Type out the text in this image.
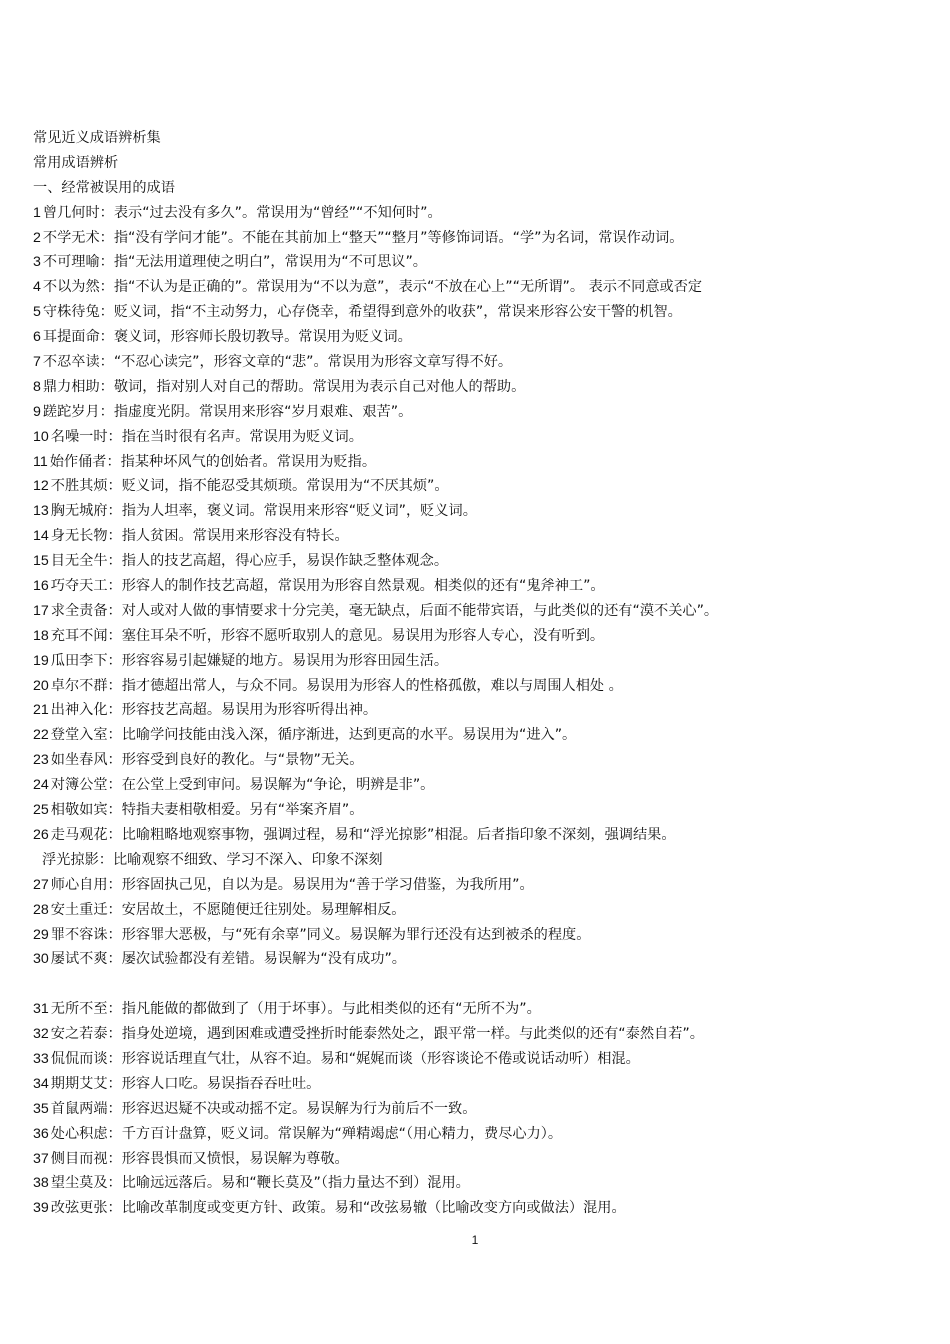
常见近义成语辨析集
常用成语辨析
一、经常被误用的成语
1 曾几何时：表示“过去没有多久”。常误用为“曾经”“不知何时”。
2 不学无术：指“没有学问才能”。不能在其前加上“整天”“整月”等修饰词语。“学”为名词，常误作动词。
3 不可理喻：指“无法用道理使之明白”，常误用为“不可思议”。
4 不以为然：指“不认为是正确的”。常误用为“不以为意”，表示“不放在心上”“无所谓”。 表示不同意或否定
5 守株待兔：贬义词，指“不主动努力，心存侥幸，希望得到意外的收获”，常误来形容公安干警的机智。
6 耳提面命：褒义词，形容师长殷切教导。常误用为贬义词。
7 不忍卒读：“不忍心读完”，形容文章的“悲”。常误用为形容文章写得不好。
8 鼎力相助：敬词，指对别人对自己的帮助。常误用为表示自己对他人的帮助。
9 蹉跎岁月：指虚度光阴。常误用来形容“岁月艰难、艰苦”。
10 名噪一时：指在当时很有名声。常误用为贬义词。
11 始作俑者：指某种坏风气的创始者。常误用为贬指。
12 不胜其烦：贬义词，指不能忍受其烦琐。常误用为“不厌其烦”。
13 胸无城府：指为人坦率，褒义词。常误用来形容“贬义词”，贬义词。
14 身无长物：指人贫困。常误用来形容没有特长。
15 目无全牛：指人的技艺高超，得心应手，易误作缺乏整体观念。
16 巧夺天工：形容人的制作技艺高超，常误用为形容自然景观。相类似的还有“鬼斧神工”。
17 求全责备：对人或对人做的事情要求十分完美，毫无缺点，后面不能带宾语，与此类似的还有“漠不关心”。
18 充耳不闻：塞住耳朵不听，形容不愿听取别人的意见。易误用为形容人专心，没有听到。
19 瓜田李下：形容容易引起嫌疑的地方。易误用为形容田园生活。
20 卓尔不群：指才德超出常人，与众不同。易误用为形容人的性格孤傲，难以与周围人相处 。
21 出神入化：形容技艺高超。易误用为形容听得出神。
22 登堂入室：比喻学问技能由浅入深，循序渐进，达到更高的水平。易误用为“进入”。
23 如坐春风：形容受到良好的教化。与“景物”无关。
24 对簿公堂：在公堂上受到审问。易误解为“争论，明辨是非”。
25 相敬如宾：特指夫妻相敬相爱。另有“举案齐眉”。
26 走马观花：比喻粗略地观察事物，强调过程，易和“浮光掠影”相混。后者指印象不深刻，强调结果。
浮光掠影：比喻观察不细致、学习不深入、印象不深刻
27 师心自用：形容固执己见，自以为是。易误用为“善于学习借鉴，为我所用”。
28 安土重迁：安居故土，不愿随便迁往别处。易理解相反。
29 罪不容诛：形容罪大恶极，与“死有余辜”同义。易误解为罪行还没有达到被杀的程度。
30 屡试不爽：屡次试验都没有差错。易误解为“没有成功”。
31 无所不至：指凡能做的都做到了（用于坏事）。与此相类似的还有“无所不为”。
32 安之若泰：指身处逆境，遇到困难或遭受挫折时能泰然处之，跟平常一样。与此类似的还有“泰然自若”。
33 侃侃而谈：形容说话理直气壮，从容不迫。易和“娓娓而谈（形容谈论不倦或说话动听）相混。
34 期期艾艾：形容人口吃。易误指吞吞吐吐。
35 首鼠两端：形容迟迟疑不决或动摇不定。易误解为行为前后不一致。
36 处心积虑：千方百计盘算，贬义词。常误解为“殚精竭虑“（用心精力，费尽心力）。
37 侧目而视：形容畏惧而又愤恨，易误解为尊敬。
38 望尘莫及：比喻远远落后。易和“鞭长莫及”（指力量达不到）混用。
39 改弦更张：比喻改革制度或变更方针、政策。易和“改弦易辙（比喻改变方向或做法）混用。
1
